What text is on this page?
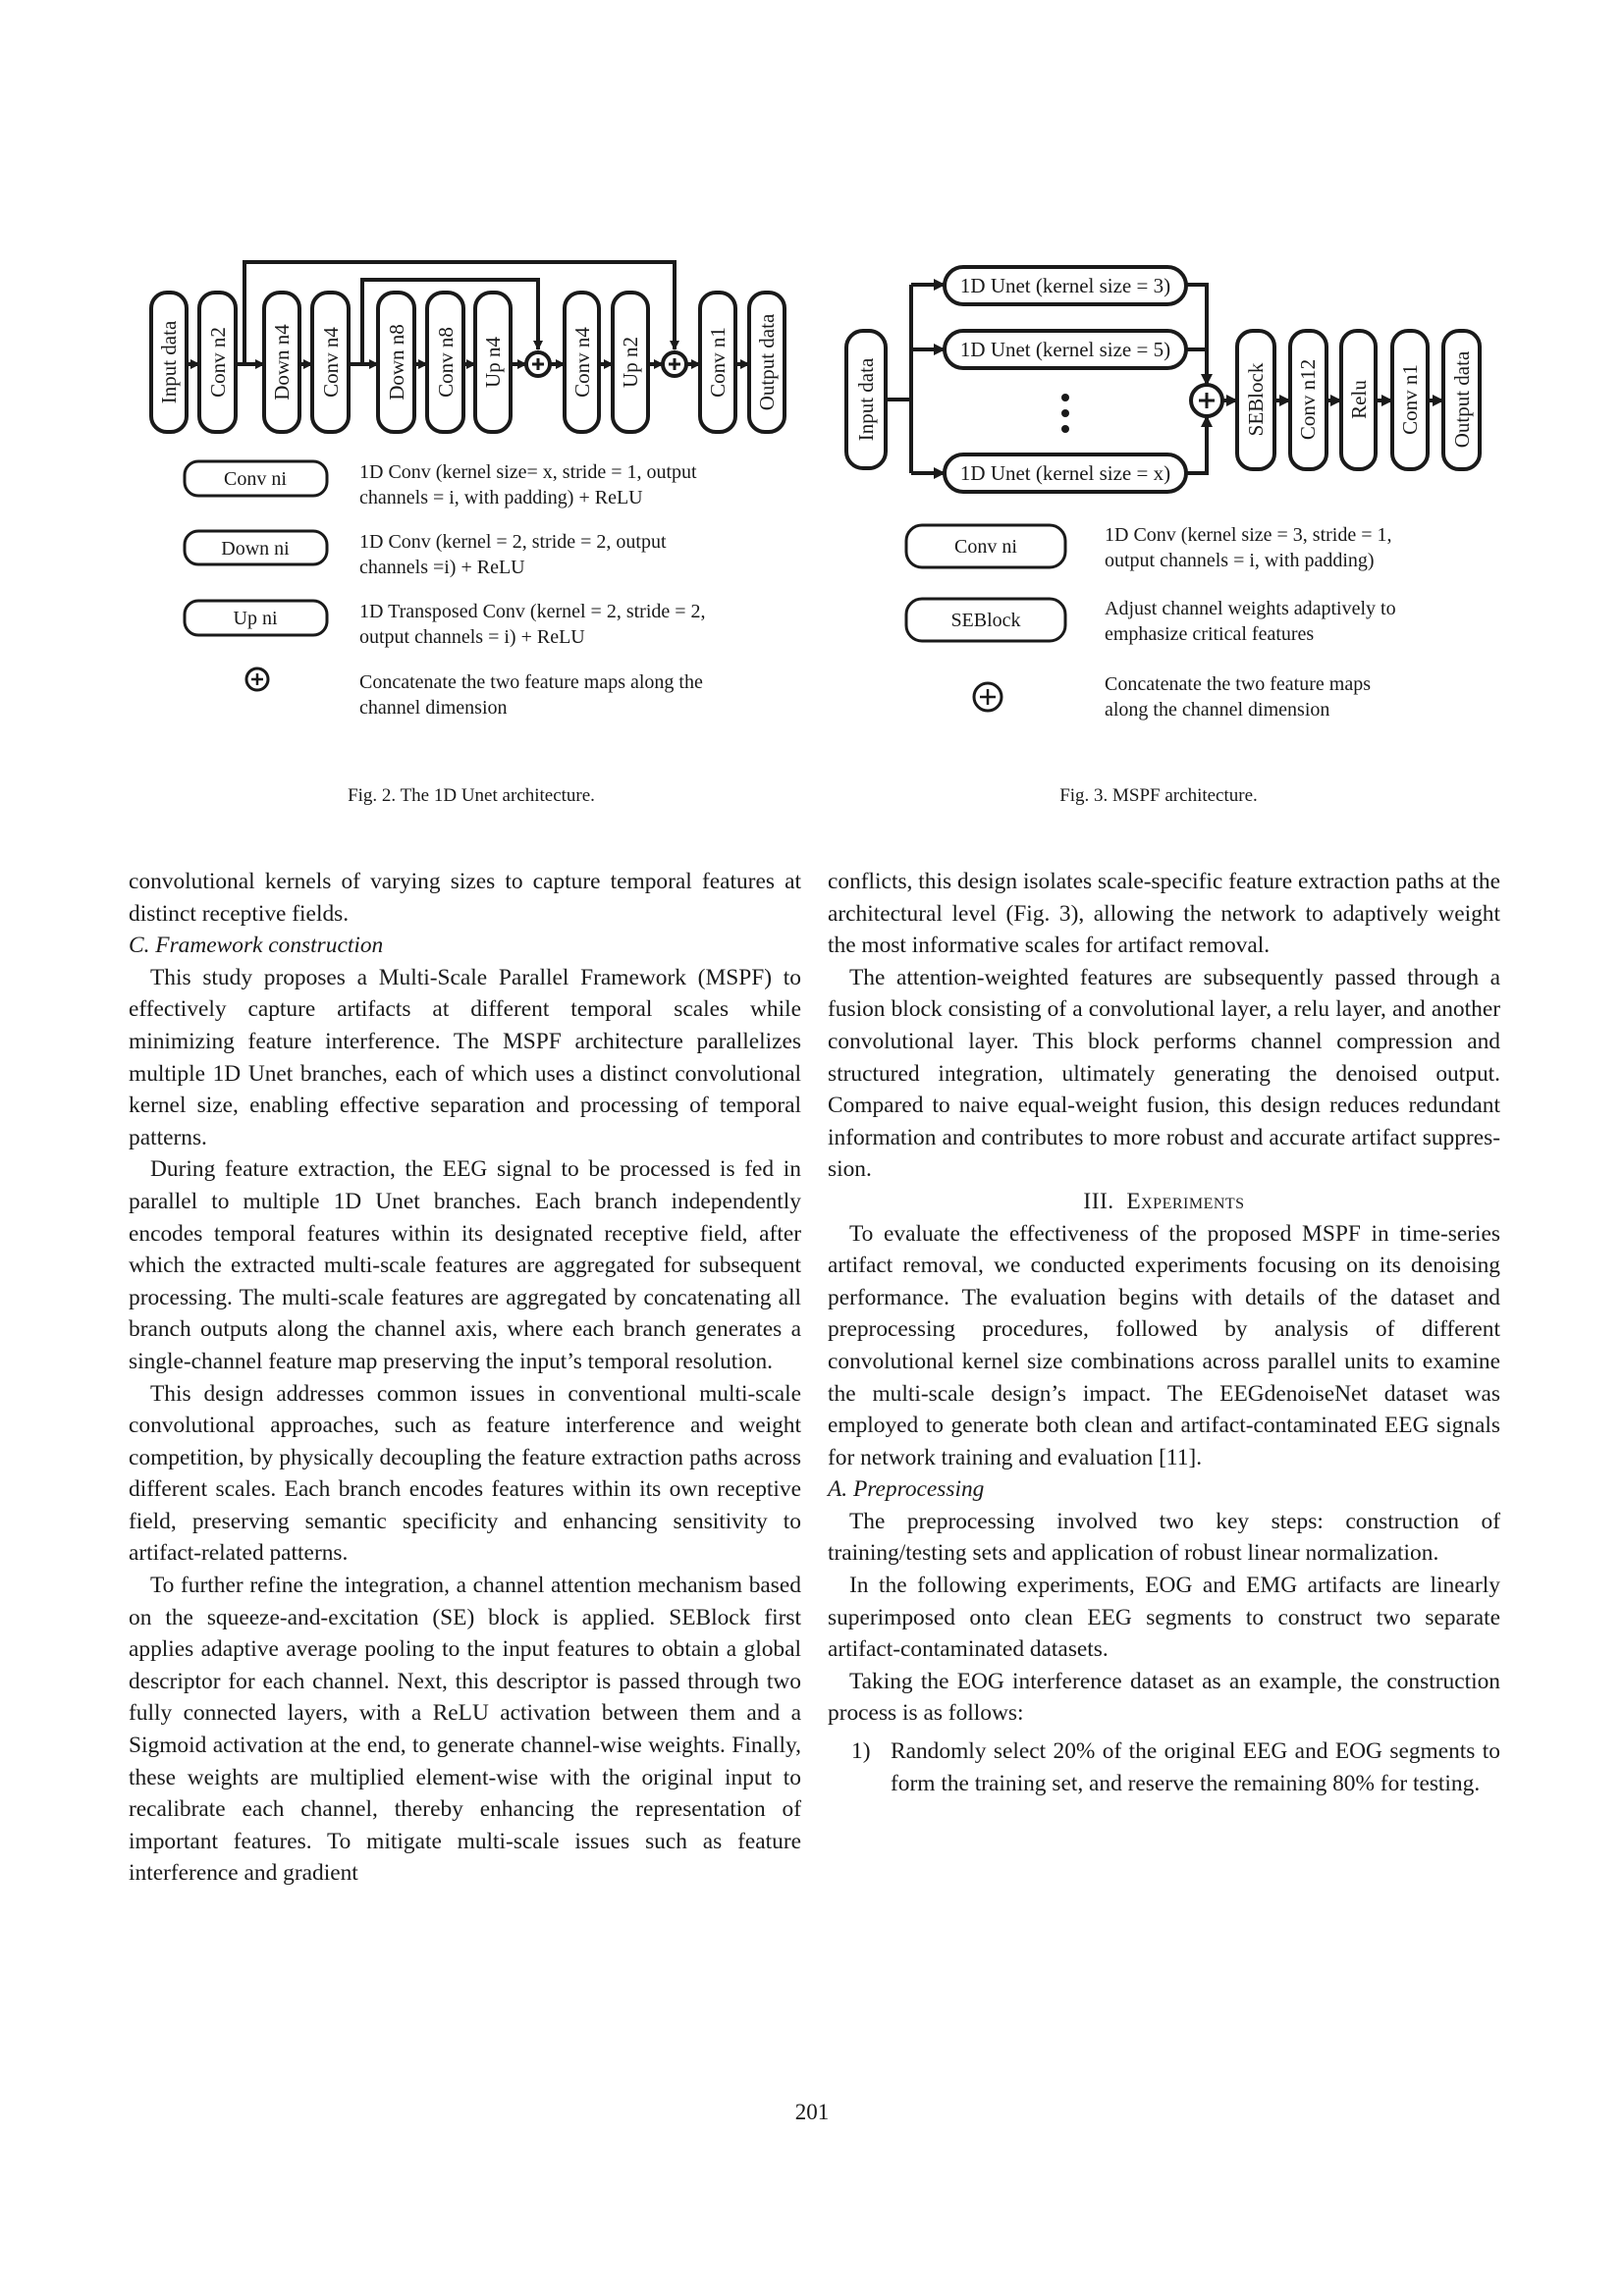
Input data Conv n2 Down n4 Conv n4 Down n8 Conv n8 Up n4	Conv n4 Up n2	Conv n1 Output data
Conv ni
Down ni
Up ni
1D Conv (kernel size= x, stride = 1, output
channels = i, with padding) + ReLU
1D Conv (kernel = 2, stride = 2, output
channels =i) + ReLU
1D Transposed Conv (kernel = 2, stride = 2,
output channels = i) + ReLU
Concatenate the two feature maps along the
channel dimension
Fig. 2. The 1D Unet architecture.
Input data
1D Unet (kernel size = 3)
1D Unet (kernel size = 5)
1D Unet (kernel size = x)
SEBlock Conv n12 Relu Conv n1 Output data
Conv ni
SEBlock
1D Conv (kernel size = 3, stride = 1,
output channels = i, with padding)
Adjust channel weights adaptively to
emphasize critical features
Concatenate the two feature maps
along the channel dimension
Fig. 3. MSPF architecture.

convolutional kernels of varying sizes to capture temporal features at distinct receptive fields.

C. Framework construction

This study proposes a Multi-Scale Parallel Framework (MSPF) to effectively capture artifacts at different temporal scales while minimizing feature interference. The MSPF architecture parallelizes multiple 1D Unet branches, each of which uses a distinct convolutional kernel size, enabling effective separation and processing of temporal patterns.

During feature extraction, the EEG signal to be processed is fed in parallel to multiple 1D Unet branches. Each branch independently encodes temporal features within its designated receptive field, after which the extracted multi-scale features are aggregated for subsequent processing. The multi-scale features are aggregated by concatenating all branch outputs along the channel axis, where each branch generates a single-channel feature map preserving the input’s temporal resolution.

This design addresses common issues in conventional multi-scale convolutional approaches, such as feature interference and weight competition, by physically decoupling the feature extraction paths across different scales. Each branch encodes features within its own receptive field, preserving semantic specificity and enhancing sensitivity to artifact-related patterns.

To further refine the integration, a channel attention mechanism based on the squeeze-and-excitation (SE) block is applied. SEBlock first applies adaptive average pooling to the input features to obtain a global descriptor for each channel. Next, this descriptor is passed through two fully connected layers, with a ReLU activation between them and a Sigmoid activation at the end, to generate channel-wise weights. Finally, these weights are multiplied element-wise with the original input to recalibrate each channel, thereby enhancing the representation of important features. To mitigate multi-scale issues such as feature interference and gradient

conflicts, this design isolates scale-specific feature extraction paths at the architectural level (Fig. 3), allowing the network to adaptively weight the most informative scales for artifact removal.

The attention-weighted features are subsequently passed through a fusion block consisting of a convolutional layer, a relu layer, and another convolutional layer. This block performs channel compression and structured integration, ultimately generating the denoised output. Compared to naive equal-weight fusion, this design reduces redundant information and contributes to more robust and accurate artifact suppression.

III. Experiments

To evaluate the effectiveness of the proposed MSPF in time-series artifact removal, we conducted experiments focusing on its denoising performance. The evaluation begins with details of the dataset and preprocessing procedures, followed by analysis of different convolutional kernel size combinations across parallel units to examine the multi-scale design’s impact. The EEGdenoiseNet dataset was employed to generate both clean and artifact-contaminated EEG signals for network training and evaluation [11].

A. Preprocessing

The preprocessing involved two key steps: construction of training/testing sets and application of robust linear normalization.

In the following experiments, EOG and EMG artifacts are linearly superimposed onto clean EEG segments to construct two separate artifact-contaminated datasets.

Taking the EOG interference dataset as an example, the construction process is as follows:

1) Randomly select 20% of the original EEG and EOG segments to form the training set, and reserve the remaining 80% for testing.
201
